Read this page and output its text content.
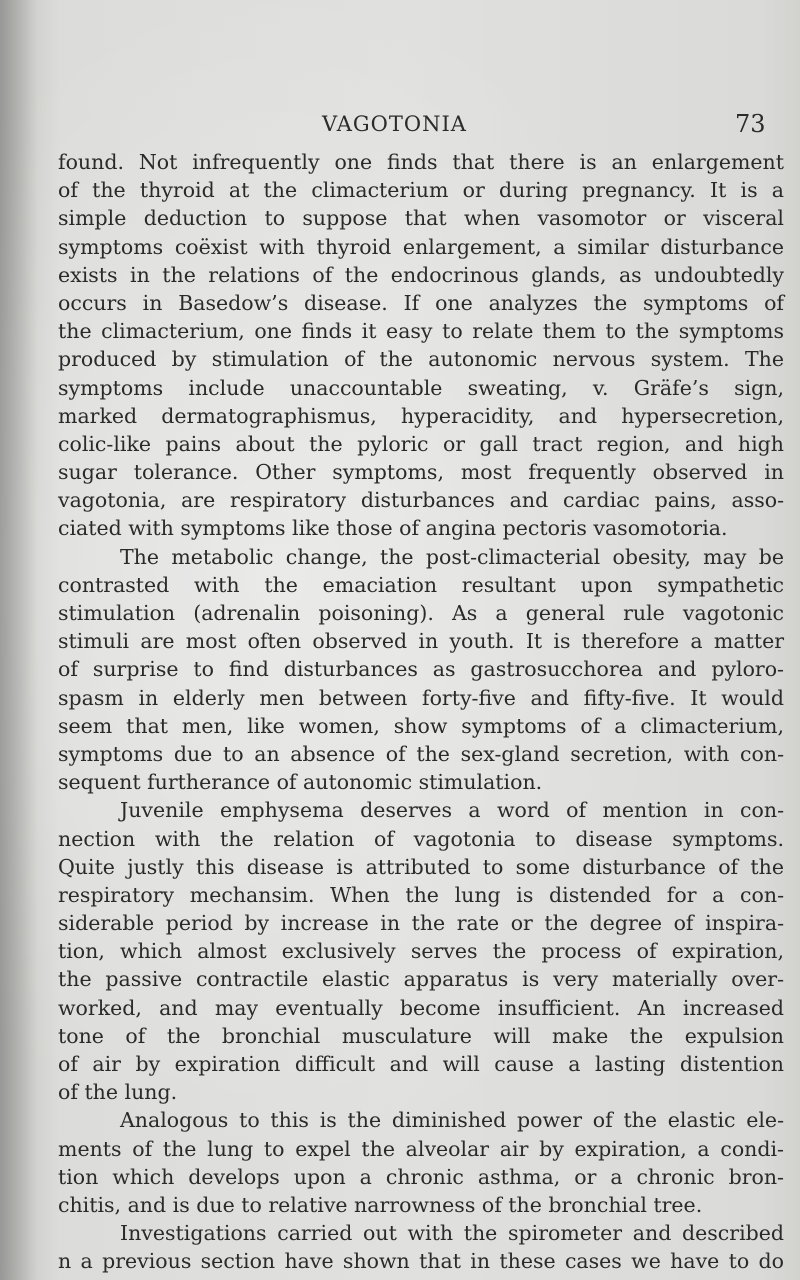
VAGOTONIA	73
found. Not infrequently one finds that there is an enlargement
of the thyroid at the climacterium or during pregnancy. It is a
simple deduction to suppose that when vasomotor or visceral
symptoms coëxist with thyroid enlargement, a similar disturbance
exists in the relations of the endocrinous glands, as undoubtedly
occurs in Basedow’s disease. If one analyzes the symptoms of
the climacterium, one finds it easy to relate them to the symptoms
produced by stimulation of the autonomic nervous system. The
symptoms include unaccountable sweating, v. Gräfe’s sign,
marked dermatographismus, hyperacidity, and hypersecretion,
colic-like pains about the pyloric or gall tract region, and high
sugar tolerance. Other symptoms, most frequently observed in
vagotonia, are respiratory disturbances and cardiac pains, asso-
ciated with symptoms like those of angina pectoris vasomotoria.
The metabolic change, the post-climacterial obesity, may be
contrasted with the emaciation resultant upon sympathetic
stimulation (adrenalin poisoning). As a general rule vagotonic
stimuli are most often observed in youth. It is therefore a matter
of surprise to find disturbances as gastrosucchorea and pyloro-
spasm in elderly men between forty-five and fifty-five. It would
seem that men, like women, show symptoms of a climacterium,
symptoms due to an absence of the sex-gland secretion, with con-
sequent furtherance of autonomic stimulation.
Juvenile emphysema deserves a word of mention in con-
nection with the relation of vagotonia to disease symptoms.
Quite justly this disease is attributed to some disturbance of the
respiratory mechansim. When the lung is distended for a con-
siderable period by increase in the rate or the degree of inspira-
tion, which almost exclusively serves the process of expiration,
the passive contractile elastic apparatus is very materially over-
worked, and may eventually become insufficient. An increased
tone of the bronchial musculature will make the expulsion
of air by expiration difficult and will cause a lasting distention
of the lung.
Analogous to this is the diminished power of the elastic ele-
ments of the lung to expel the alveolar air by expiration, a condi-
tion which develops upon a chronic asthma, or a chronic bron-
chitis, and is due to relative narrowness of the bronchial tree.
Investigations carried out with the spirometer and described
n a previous section have shown that in these cases we have to do
